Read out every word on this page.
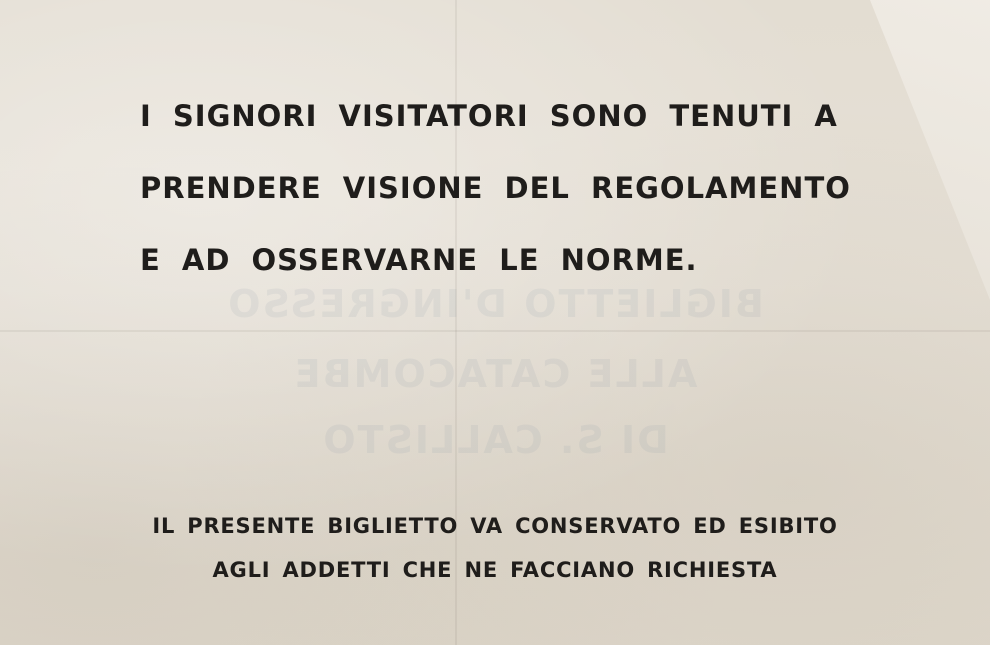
BIGLIETTO D'INGRESSO
ALLE CATACOMBE
DI S. CALLISTO
I SIGNORI VISITATORI SONO TENUTI A
PRENDERE VISIONE DEL REGOLAMENTO
E AD OSSERVARNE LE NORME.
IL PRESENTE BIGLIETTO VA CONSERVATO ED ESIBITO
AGLI ADDETTI CHE NE FACCIANO RICHIESTA
